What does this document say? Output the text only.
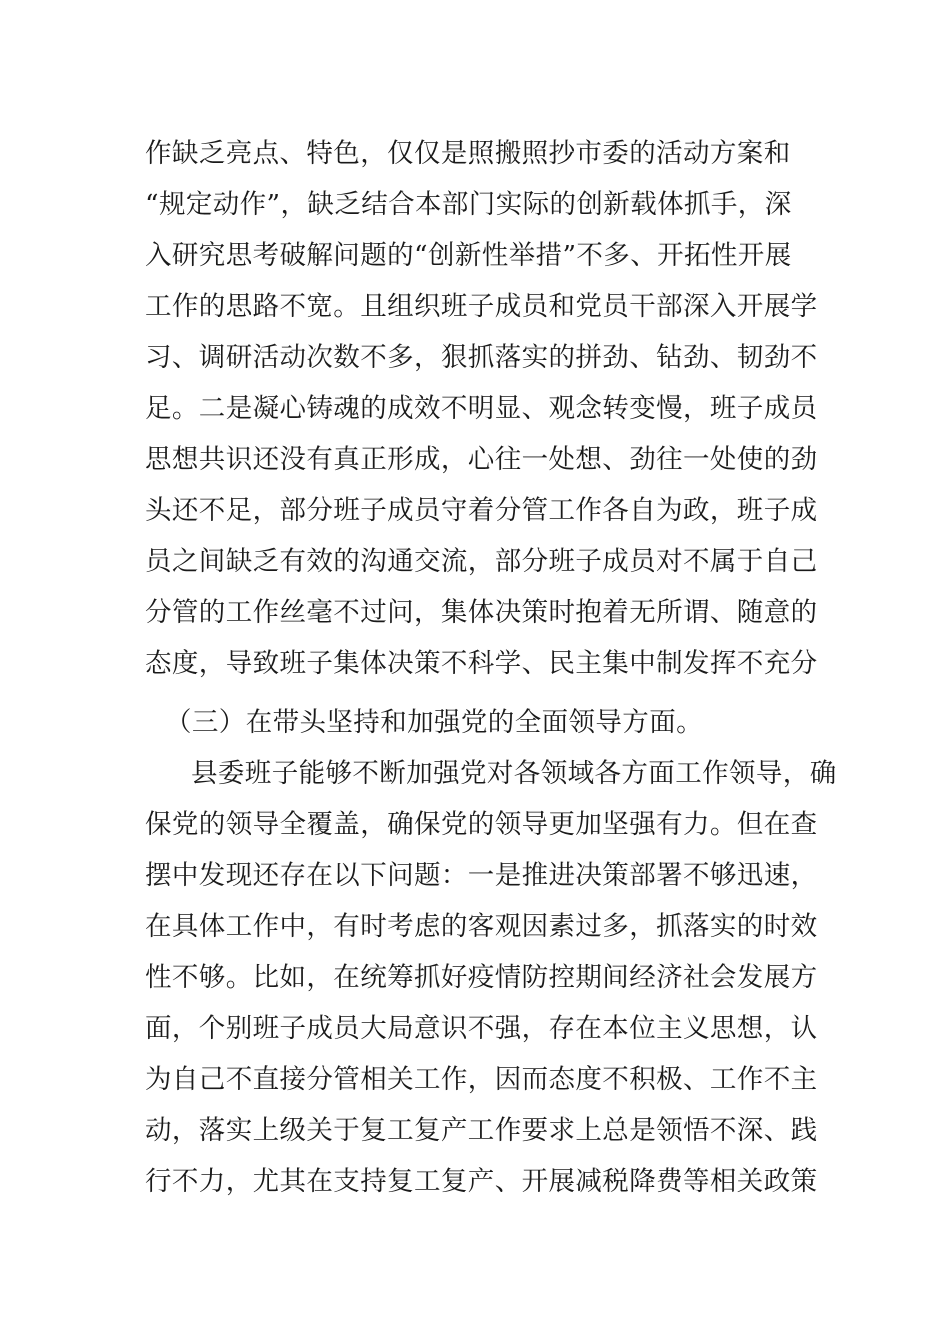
作缺乏亮点、特色，仅仅是照搬照抄市委的活动方案和
“规定动作”，缺乏结合本部门实际的创新载体抓手，深
入研究思考破解问题的“创新性举措”不多、开拓性开展
工作的思路不宽。且组织班子成员和党员干部深入开展学
习、调研活动次数不多，狠抓落实的拼劲、钻劲、韧劲不
足。二是凝心铸魂的成效不明显、观念转变慢，班子成员
思想共识还没有真正形成，心往一处想、劲往一处使的劲
头还不足，部分班子成员守着分管工作各自为政，班子成
员之间缺乏有效的沟通交流，部分班子成员对不属于自己
分管的工作丝毫不过问，集体决策时抱着无所谓、随意的
态度，导致班子集体决策不科学、民主集中制发挥不充分
（三）在带头坚持和加强党的全面领导方面。
县委班子能够不断加强党对各领域各方面工作领导，确
保党的领导全覆盖，确保党的领导更加坚强有力。但在查
摆中发现还存在以下问题：一是推进决策部署不够迅速，
在具体工作中，有时考虑的客观因素过多，抓落实的时效
性不够。比如，在统筹抓好疫情防控期间经济社会发展方
面，个别班子成员大局意识不强，存在本位主义思想，认
为自己不直接分管相关工作，因而态度不积极、工作不主
动，落实上级关于复工复产工作要求上总是领悟不深、践
行不力，尤其在支持复工复产、开展减税降费等相关政策
